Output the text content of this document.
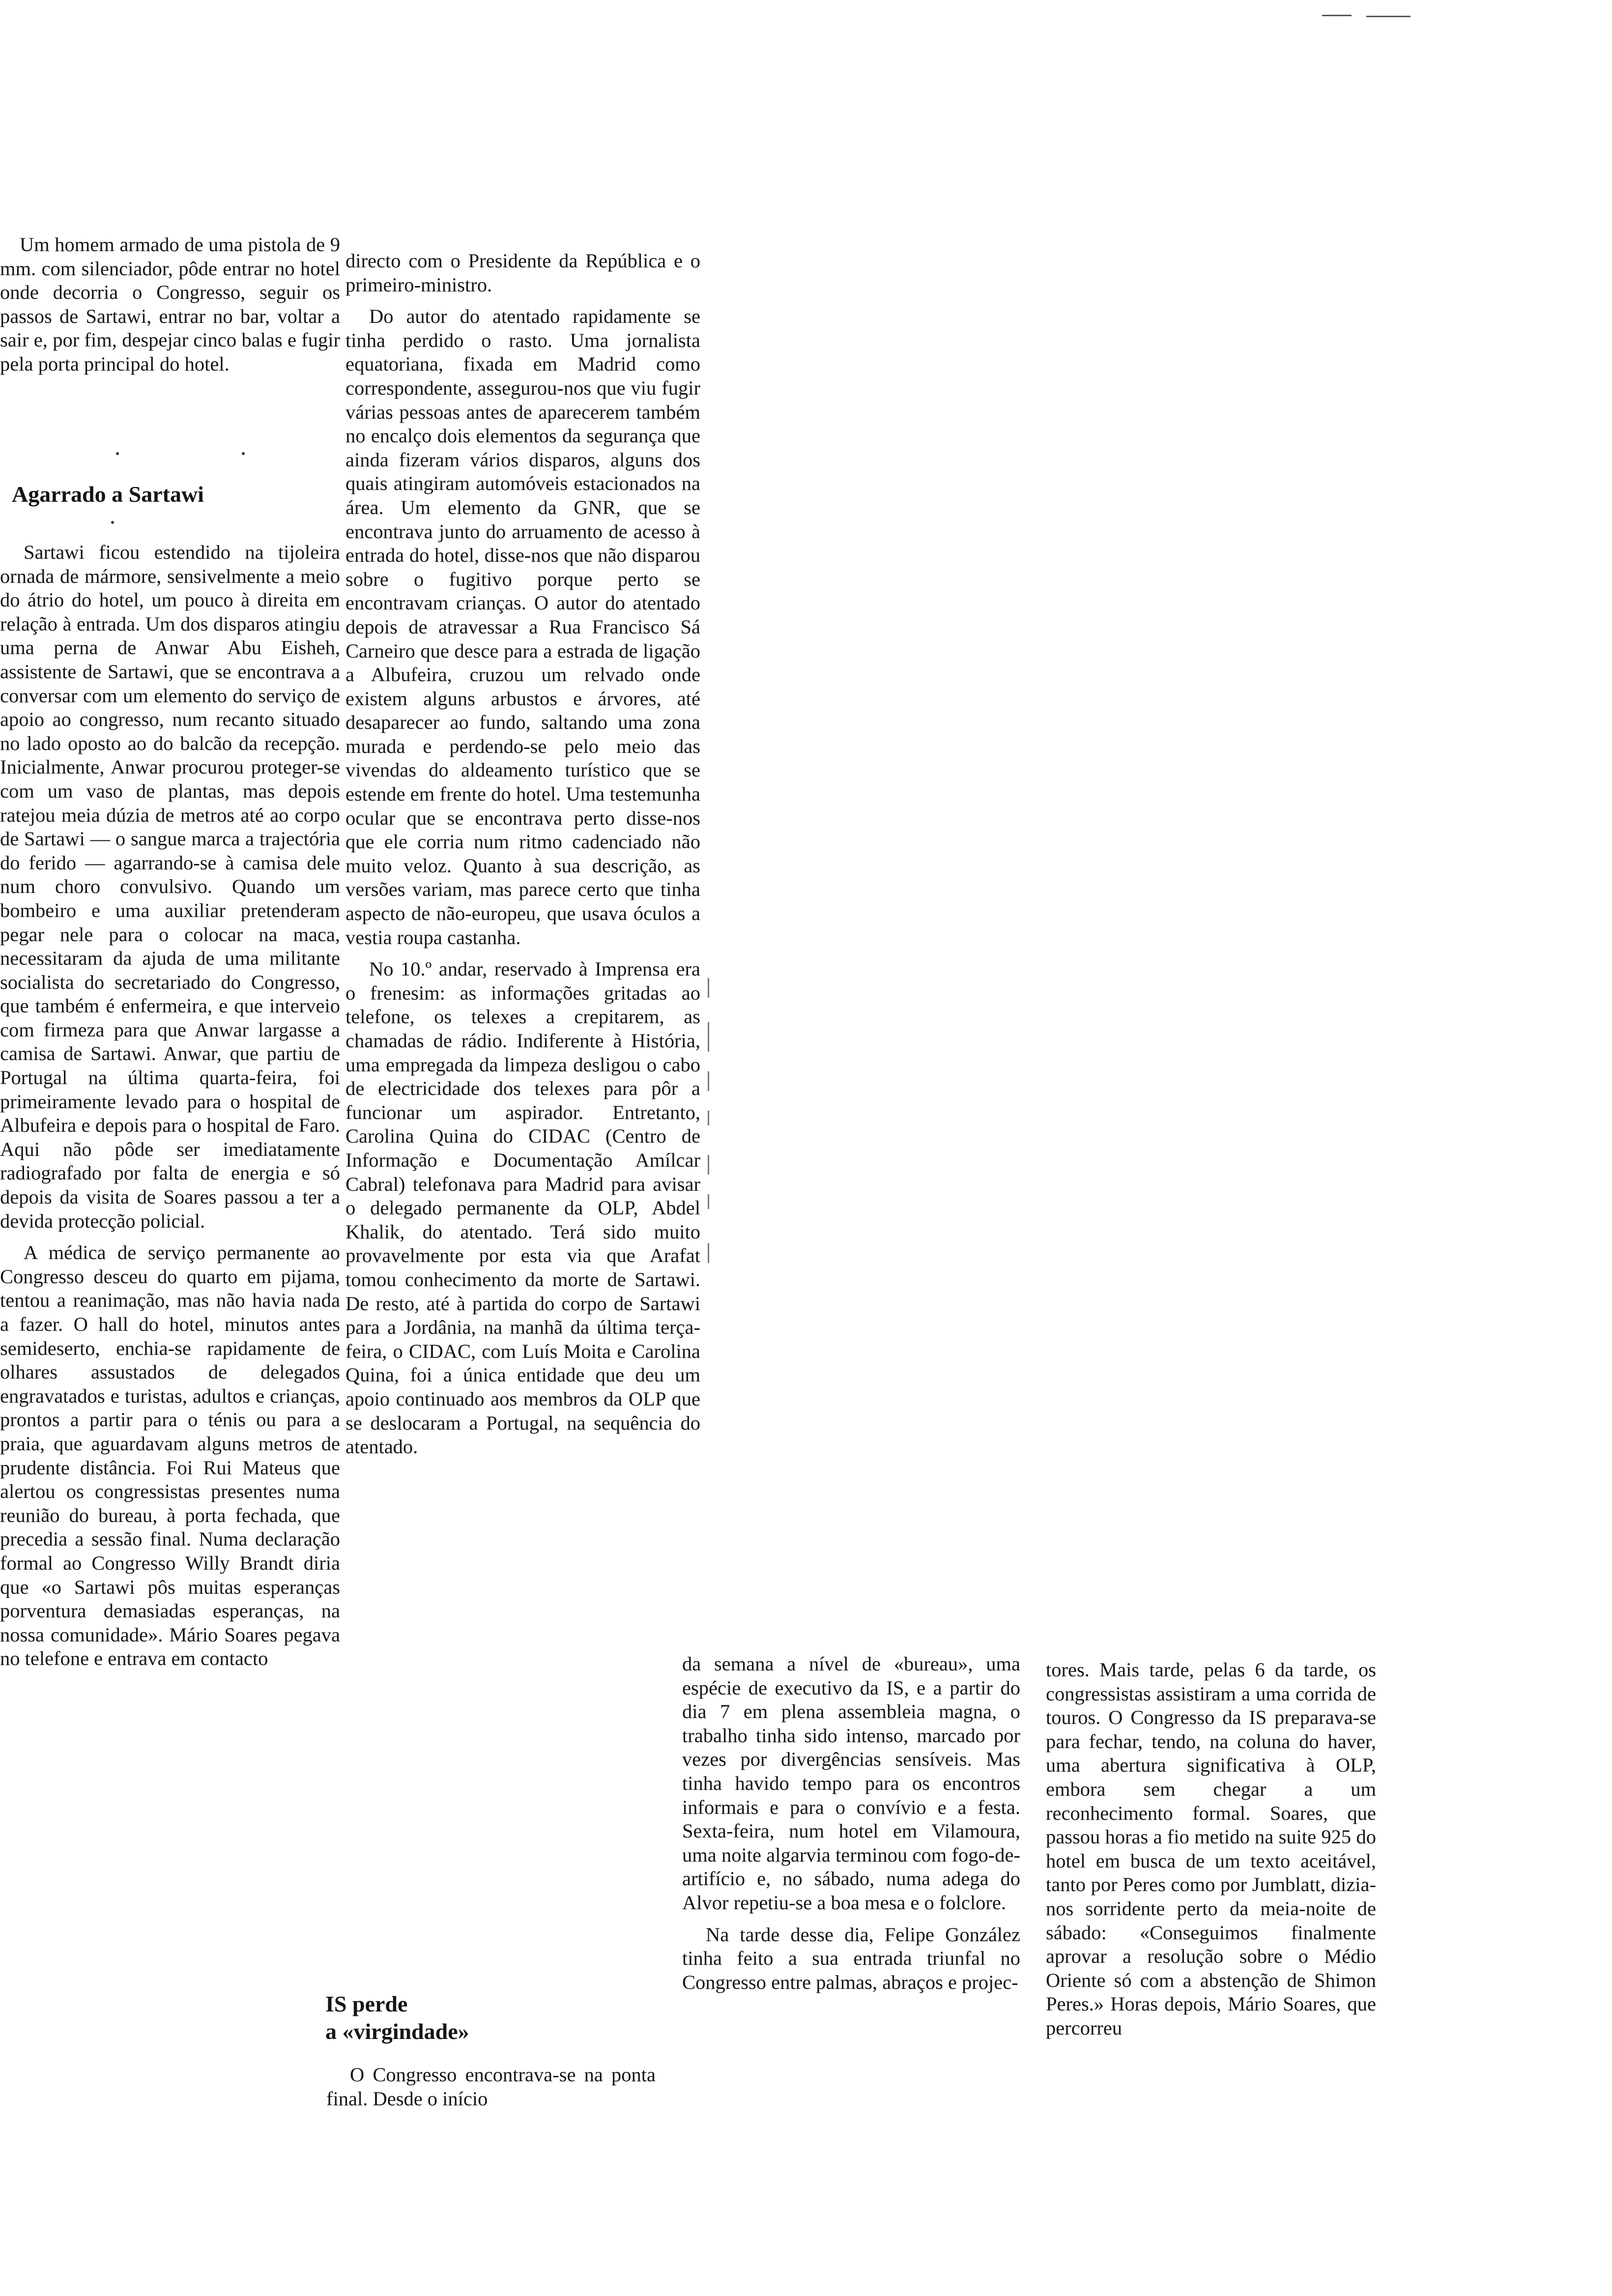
Um homem armado de uma pistola de 9 mm. com silenciador, pôde entrar no hotel onde decorria o Congresso, seguir os passos de Sartawi, entrar no bar, voltar a sair e, por fim, despejar cinco balas e fugir pela porta principal do hotel.

Agarrado a Sartawi

Sartawi ficou estendido na tijoleira ornada de mármore, sensivelmente a meio do átrio do hotel, um pouco à direita em relação à entrada. Um dos disparos atingiu uma perna de Anwar Abu Eisheh, assistente de Sartawi, que se encontrava a conversar com um elemento do serviço de apoio ao congresso, num recanto situado no lado oposto ao do balcão da recepção. Inicialmente, Anwar procurou proteger-se com um vaso de plantas, mas depois ratejou meia dúzia de metros até ao corpo de Sartawi — o sangue marca a trajectória do ferido — agarrando-se à camisa dele num choro convulsivo. Quando um bombeiro e uma auxiliar pretenderam pegar nele para o colocar na maca, necessitaram da ajuda de uma militante socialista do secretariado do Congresso, que também é enfermeira, e que interveio com firmeza para que Anwar largasse a camisa de Sartawi. Anwar, que partiu de Portugal na última quarta-feira, foi primeiramente levado para o hospital de Albufeira e depois para o hospital de Faro. Aqui não pôde ser imediatamente radiografado por falta de energia e só depois da visita de Soares passou a ter a devida protecção policial.

A médica de serviço permanente ao Congresso desceu do quarto em pijama, tentou a reanimação, mas não havia nada a fazer. O hall do hotel, minutos antes semideserto, enchia-se rapidamente de olhares assustados de delegados engravatados e turistas, adultos e crianças, prontos a partir para o ténis ou para a praia, que aguardavam alguns metros de prudente distância. Foi Rui Mateus que alertou os congressistas presentes numa reunião do bureau, à porta fechada, que precedia a sessão final. Numa declaração formal ao Congresso Willy Brandt diria que «o Sartawi pôs muitas esperanças porventura demasiadas esperanças, na nossa comunidade». Mário Soares pegava no telefone e entrava em contacto

directo com o Presidente da República e o primeiro-ministro.

Do autor do atentado rapidamente se tinha perdido o rasto. Uma jornalista equatoriana, fixada em Madrid como correspondente, assegurou-nos que viu fugir várias pessoas antes de aparecerem também no encalço dois elementos da segurança que ainda fizeram vários disparos, alguns dos quais atingiram automóveis estacionados na área. Um elemento da GNR, que se encontrava junto do arruamento de acesso à entrada do hotel, disse-nos que não disparou sobre o fugitivo porque perto se encontravam crianças. O autor do atentado depois de atravessar a Rua Francisco Sá Carneiro que desce para a estrada de ligação a Albufeira, cruzou um relvado onde existem alguns arbustos e árvores, até desaparecer ao fundo, saltando uma zona murada e perdendo-se pelo meio das vivendas do aldeamento turístico que se estende em frente do hotel. Uma testemunha ocular que se encontrava perto disse-nos que ele corria num ritmo cadenciado não muito veloz. Quanto à sua descrição, as versões variam, mas parece certo que tinha aspecto de não-europeu, que usava óculos a vestia roupa castanha.

No 10.º andar, reservado à Imprensa era o frenesim: as informações gritadas ao telefone, os telexes a crepitarem, as chamadas de rádio. Indiferente à História, uma empregada da limpeza desligou o cabo de electricidade dos telexes para pôr a funcionar um aspirador. Entretanto, Carolina Quina do CIDAC (Centro de Informação e Documentação Amílcar Cabral) telefonava para Madrid para avisar o delegado permanente da OLP, Abdel Khalik, do atentado. Terá sido muito provavelmente por esta via que Arafat tomou conhecimento da morte de Sartawi. De resto, até à partida do corpo de Sartawi para a Jordânia, na manhã da última terça-feira, o CIDAC, com Luís Moita e Carolina Quina, foi a única entidade que deu um apoio continuado aos membros da OLP que se deslocaram a Portugal, na sequência do atentado.

IS perde
a «virgindade»

O Congresso encontrava-se na ponta final. Desde o início

da semana a nível de «bureau», uma espécie de executivo da IS, e a partir do dia 7 em plena assembleia magna, o trabalho tinha sido intenso, marcado por vezes por divergências sensíveis. Mas tinha havido tempo para os encontros informais e para o convívio e a festa. Sexta-feira, num hotel em Vilamoura, uma noite algarvia terminou com fogo-de-artifício e, no sábado, numa adega do Alvor repetiu-se a boa mesa e o folclore.

Na tarde desse dia, Felipe González tinha feito a sua entrada triunfal no Congresso entre palmas, abraços e projec-

tores. Mais tarde, pelas 6 da tarde, os congressistas assistiram a uma corrida de touros. O Congresso da IS preparava-se para fechar, tendo, na coluna do haver, uma abertura significativa à OLP, embora sem chegar a um reconhecimento formal. Soares, que passou horas a fio metido na suite 925 do hotel em busca de um texto aceitável, tanto por Peres como por Jumblatt, dizia-nos sorridente perto da meia-noite de sábado: «Conseguimos finalmente aprovar a resolução sobre o Médio Oriente só com a abstenção de Shimon Peres.» Horas depois, Mário Soares, que percorreu
